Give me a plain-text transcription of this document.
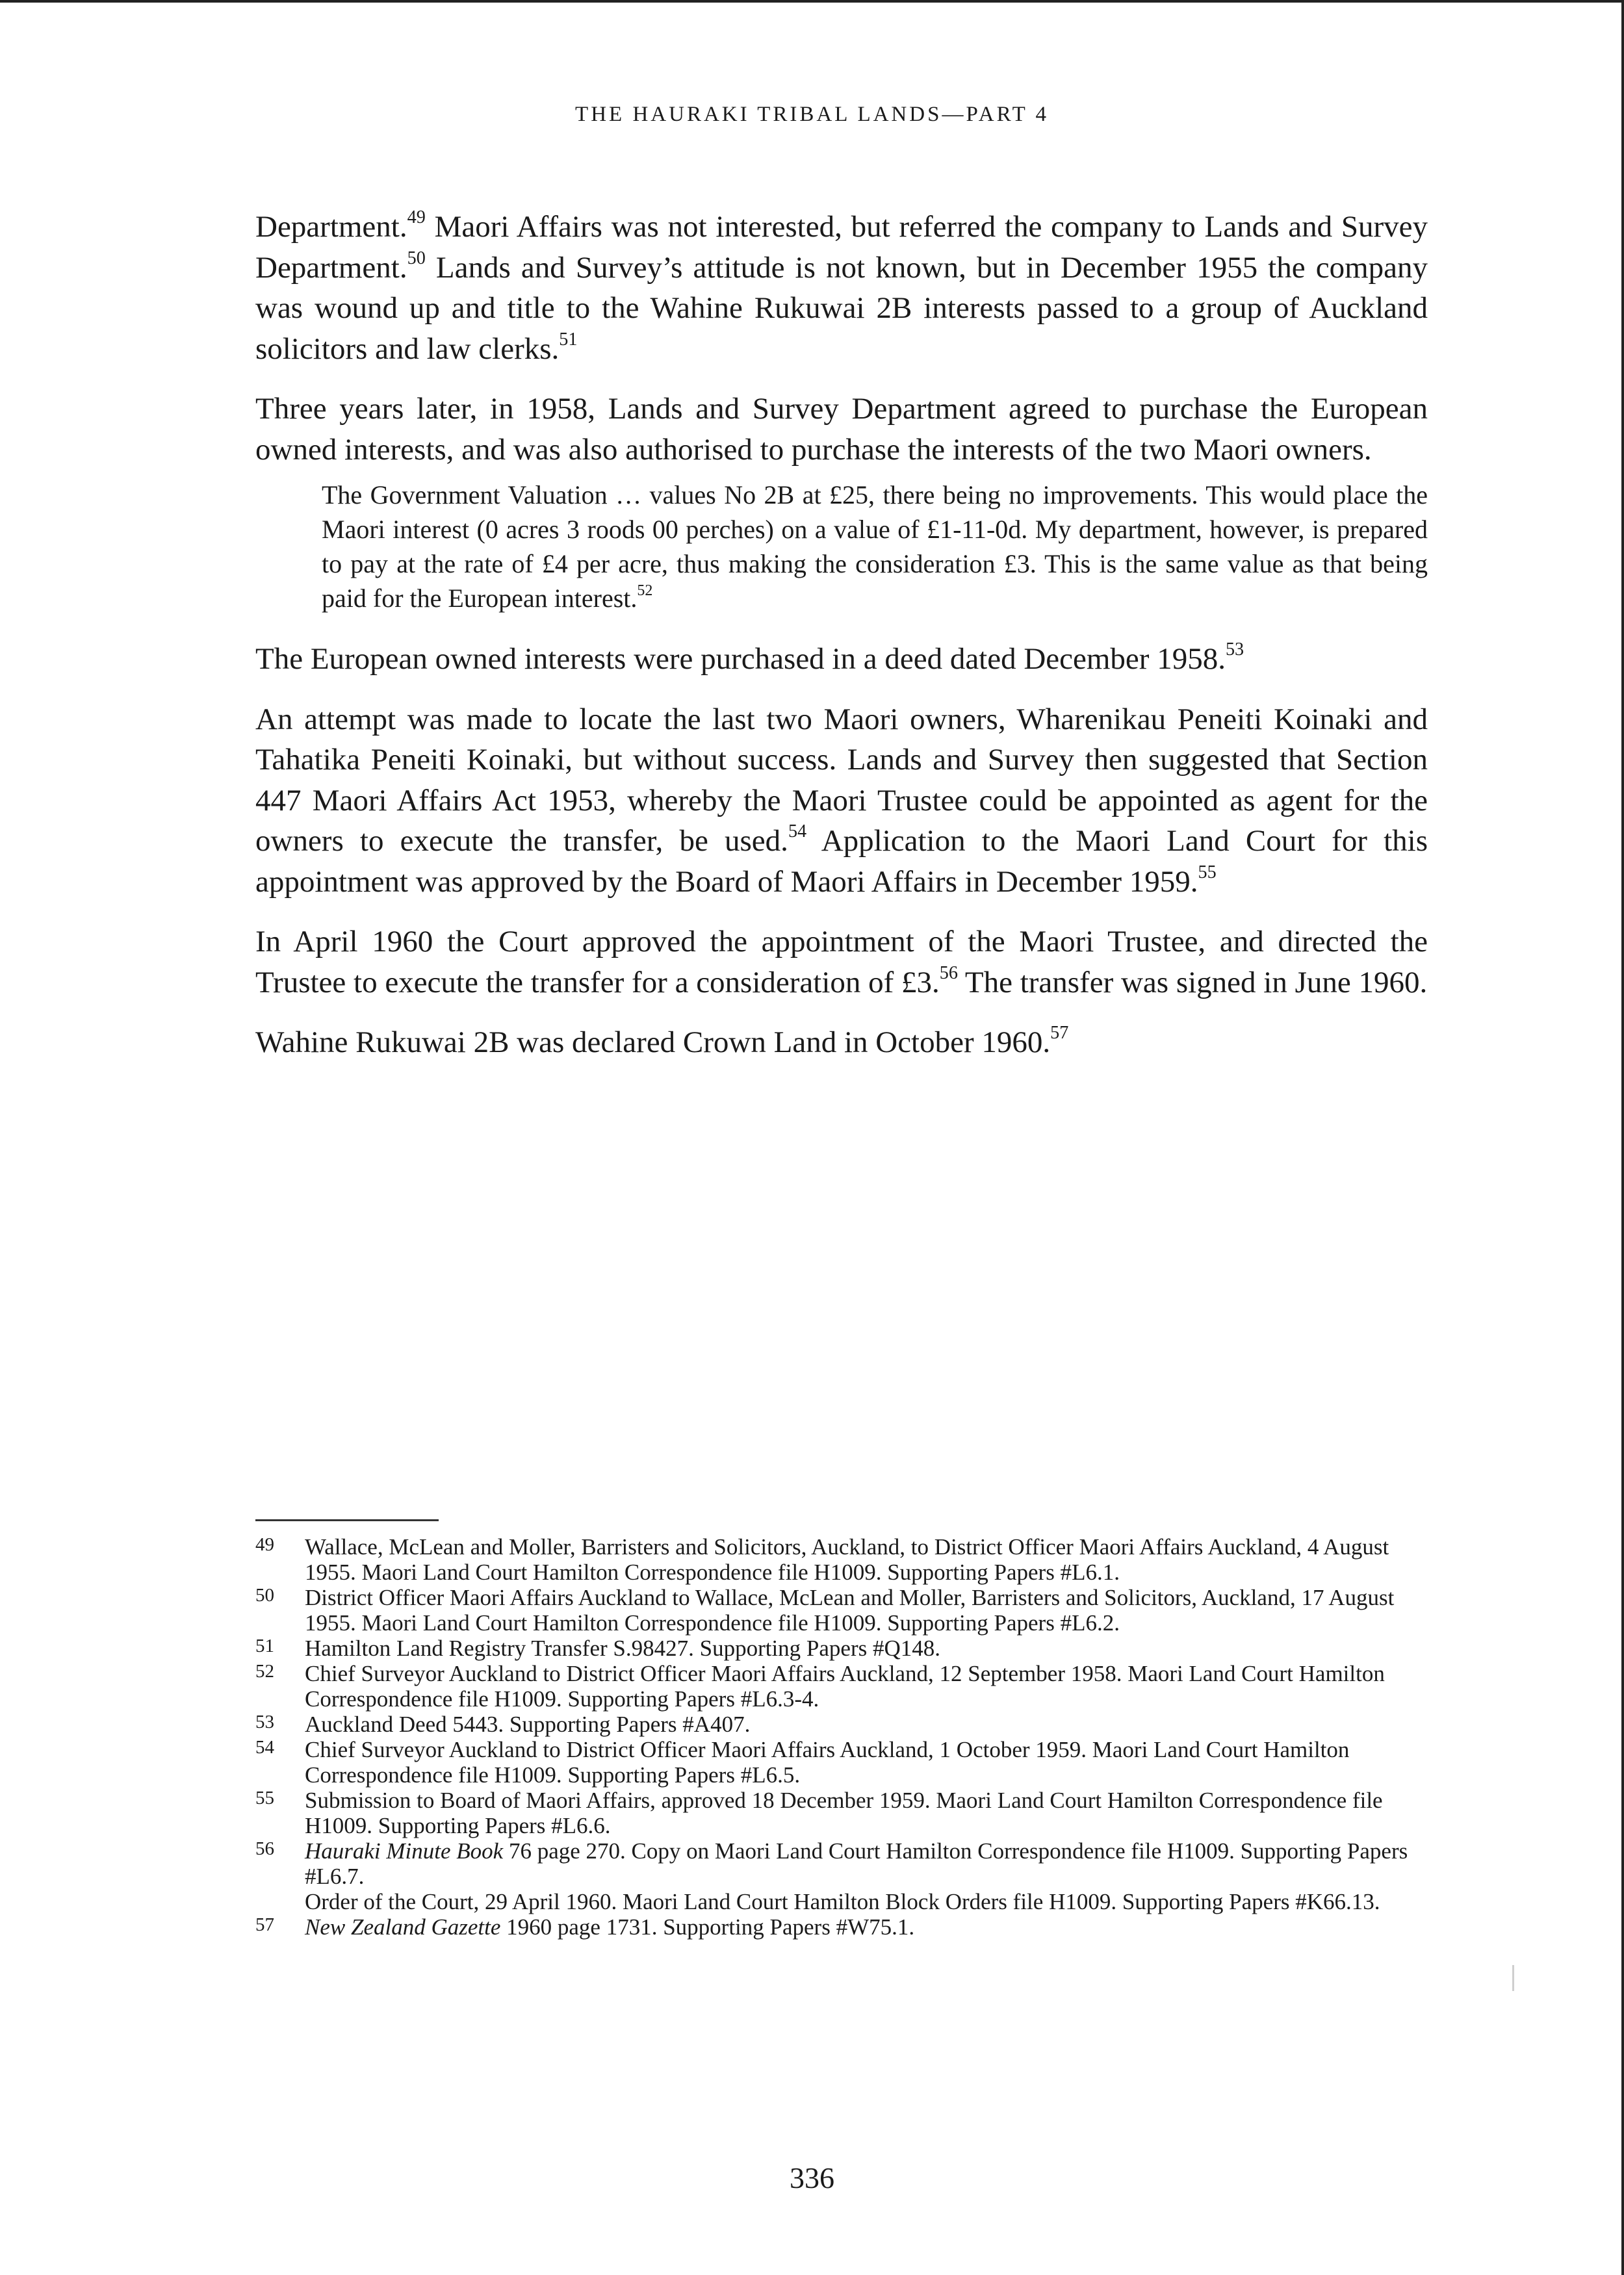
THE HAURAKI TRIBAL LANDS—PART 4

Department.$^{49}$ Maori Affairs was not interested, but referred the company to Lands and Survey Department.$^{50}$ Lands and Survey’s attitude is not known, but in December 1955 the company was wound up and title to the Wahine Rukuwai 2B interests passed to a group of Auckland solicitors and law clerks.$^{51}$

Three years later, in 1958, Lands and Survey Department agreed to purchase the European owned interests, and was also authorised to purchase the interests of the two Maori owners.

The Government Valuation … values No 2B at £25, there being no improvements. This would place the Maori interest (0 acres 3 roods 00 perches) on a value of £1-11-0d. My department, however, is prepared to pay at the rate of £4 per acre, thus making the consideration £3. This is the same value as that being paid for the European interest.$^{52}$

The European owned interests were purchased in a deed dated December 1958.53

An attempt was made to locate the last two Maori owners, Wharenikau Peneiti Koinaki and Tahatika Peneiti Koinaki, but without success. Lands and Survey then suggested that Section 447 Maori Affairs Act 1953, whereby the Maori Trustee could be appointed as agent for the owners to execute the transfer, be used.$^{54}$ Application to the Maori Land Court for this appointment was approved by the Board of Maori Affairs in December 1959.55

In April 1960 the Court approved the appointment of the Maori Trustee, and directed the Trustee to execute the transfer for a consideration of £3.56 The transfer was signed in June 1960.

Wahine Rukuwai 2B was declared Crown Land in October 1960.57

49	Wallace, McLean and Moller, Barristers and Solicitors, Auckland, to District Officer Maori Affairs Auckland, 4 August 1955. Maori Land Court Hamilton Correspondence file H1009. Supporting Papers #L6.1.
50	District Officer Maori Affairs Auckland to Wallace, McLean and Moller, Barristers and Solicitors, Auckland, 17 August 1955. Maori Land Court Hamilton Correspondence file H1009. Supporting Papers #L6.2.
51	Hamilton Land Registry Transfer S.98427. Supporting Papers #Q148.
52	Chief Surveyor Auckland to District Officer Maori Affairs Auckland, 12 September 1958. Maori Land Court Hamilton Correspondence file H1009. Supporting Papers #L6.3-4.
53	Auckland Deed 5443. Supporting Papers #A407.
54	Chief Surveyor Auckland to District Officer Maori Affairs Auckland, 1 October 1959. Maori Land Court Hamilton Correspondence file H1009. Supporting Papers #L6.5.
55	Submission to Board of Maori Affairs, approved 18 December 1959. Maori Land Court Hamilton Correspondence file H1009. Supporting Papers #L6.6.
56	Hauraki Minute Book 76 page 270. Copy on Maori Land Court Hamilton Correspondence file H1009. Supporting Papers #L6.7.
Order of the Court, 29 April 1960. Maori Land Court Hamilton Block Orders file H1009. Supporting Papers #K66.13.
57	New Zealand Gazette 1960 page 1731. Supporting Papers #W75.1.
336
